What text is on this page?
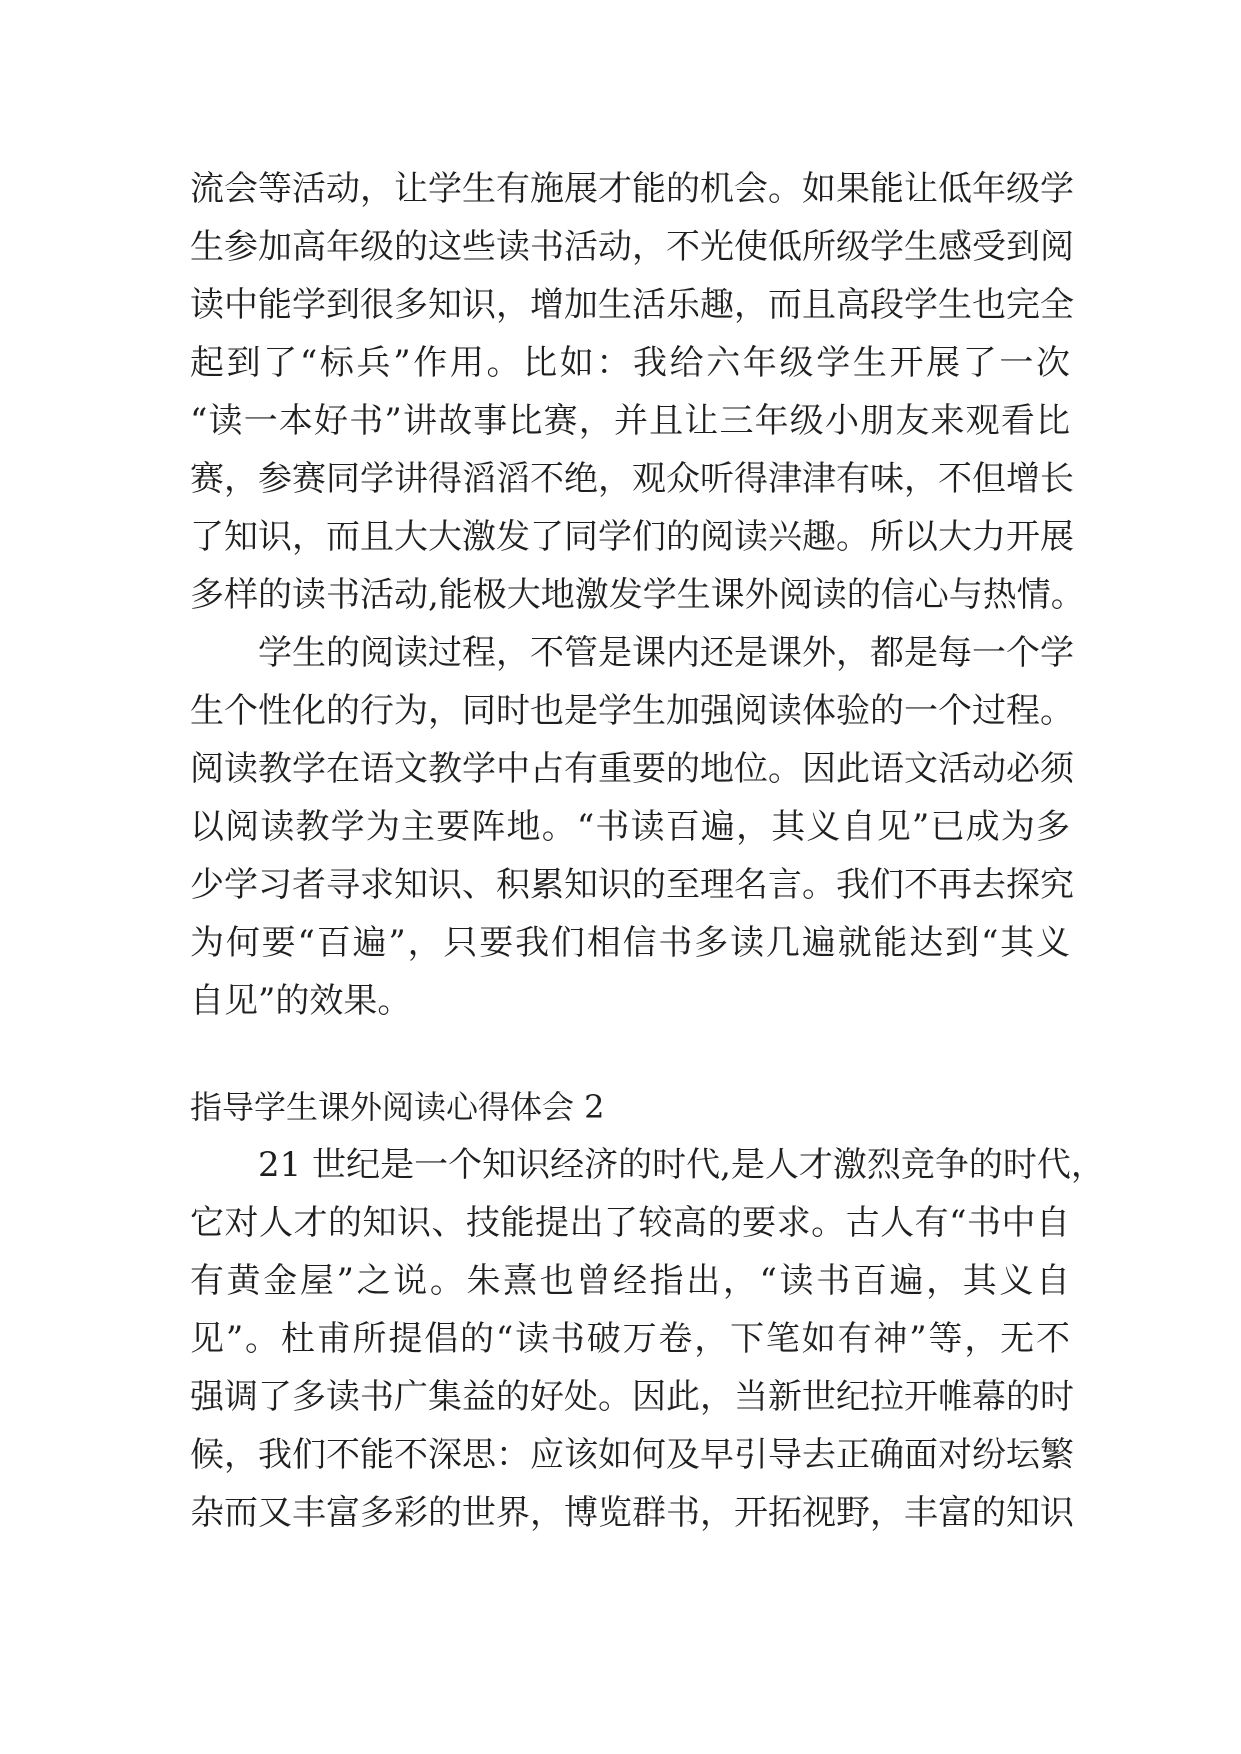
流会等活动，让学生有施展才能的机会。如果能让低年级学
生参加高年级的这些读书活动，不光使低所级学生感受到阅
读中能学到很多知识，增加生活乐趣，而且高段学生也完全
起到了“标兵”作用。比如：我给六年级学生开展了一次
“读一本好书”讲故事比赛，并且让三年级小朋友来观看比
赛，参赛同学讲得滔滔不绝，观众听得津津有味，不但增长
了知识，而且大大激发了同学们的阅读兴趣。所以大力开展
多样的读书活动,能极大地激发学生课外阅读的信心与热情。
学生的阅读过程，不管是课内还是课外，都是每一个学
生个性化的行为，同时也是学生加强阅读体验的一个过程。
阅读教学在语文教学中占有重要的地位。因此语文活动必须
以阅读教学为主要阵地。“书读百遍，其义自见”已成为多
少学习者寻求知识、积累知识的至理名言。我们不再去探究
为何要“百遍”，只要我们相信书多读几遍就能达到“其义
自见”的效果。
指导学生课外阅读心得体会 2
21 世纪是一个知识经济的时代,是人才激烈竞争的时代，
它对人才的知识、技能提出了较高的要求。古人有“书中自
有黄金屋”之说。朱熹也曾经指出，“读书百遍，其义自
见”。杜甫所提倡的“读书破万卷，下笔如有神”等，无不
强调了多读书广集益的好处。因此，当新世纪拉开帷幕的时
候，我们不能不深思：应该如何及早引导去正确面对纷坛繁
杂而又丰富多彩的世界，博览群书，开拓视野，丰富的知识
